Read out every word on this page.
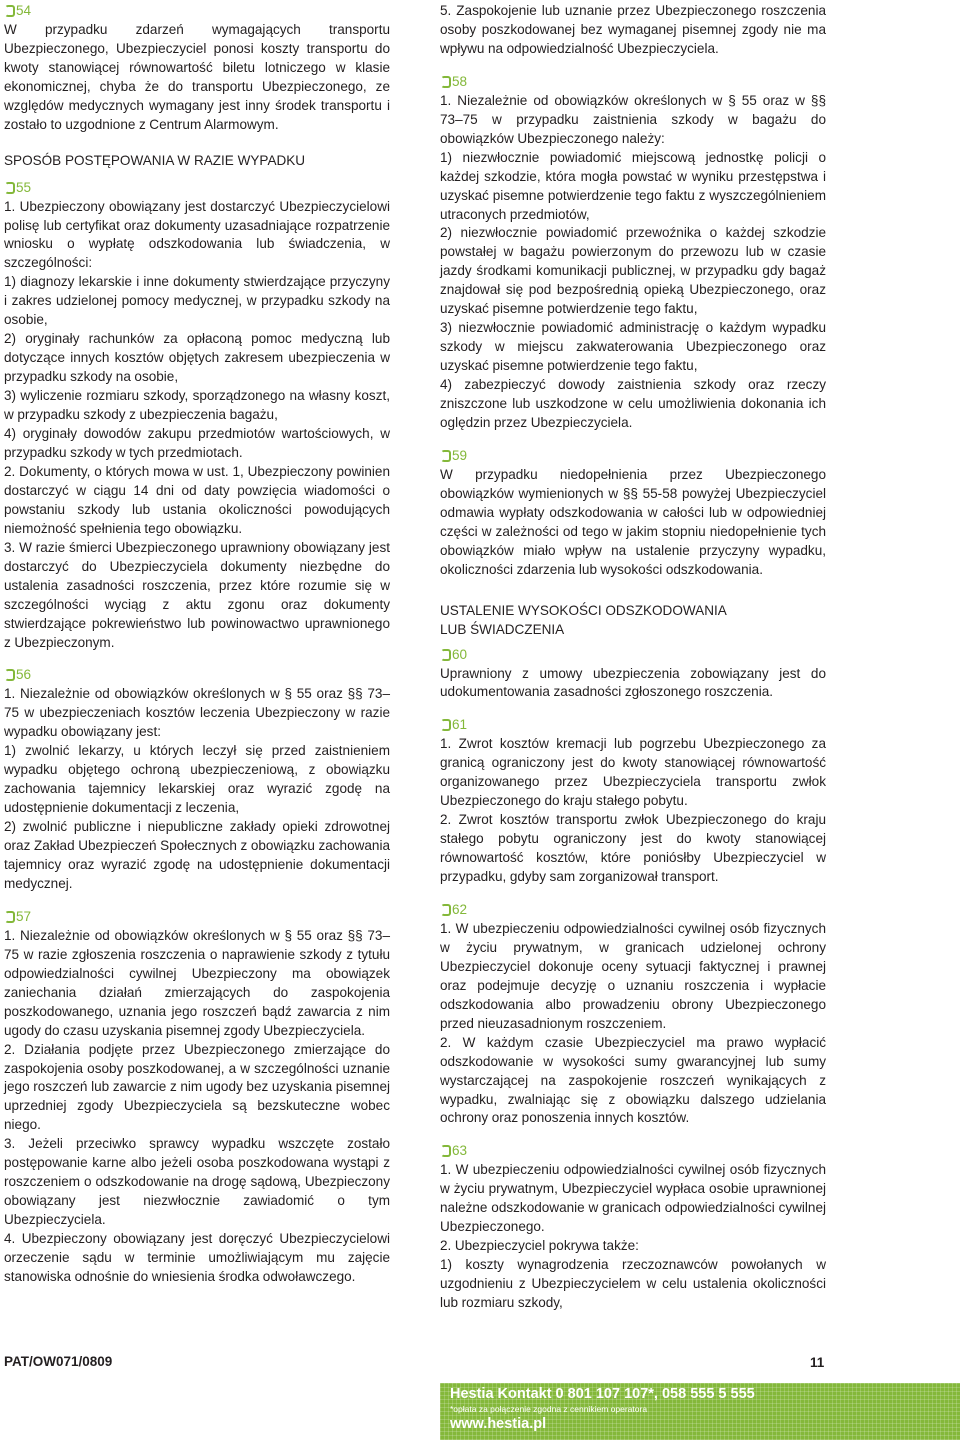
54

W przypadku zdarzeń wymagających transportu Ubezpieczonego, Ubezpieczyciel ponosi koszty transportu do kwoty stanowiącej równowartość biletu lotniczego w klasie ekonomicznej, chyba że do transportu Ubezpieczonego, ze względów medycznych wymagany jest inny środek transportu i zostało to uzgodnione z Centrum Alarmowym.

SPOSÓB POSTĘPOWANIA W RAZIE WYPADKU

55

1. Ubezpieczony obowiązany jest dostarczyć Ubezpieczycielowi polisę lub certyfikat oraz dokumenty uzasadniające rozpatrzenie wniosku o wypłatę odszkodowania lub świadczenia, w szczególności:

1) diagnozy lekarskie i inne dokumenty stwierdzające przyczyny i zakres udzielonej pomocy medycznej, w przypadku szkody na osobie,

2) oryginały rachunków za opłaconą pomoc medyczną lub dotyczące innych kosztów objętych zakresem ubezpieczenia w przypadku szkody na osobie,

3) wyliczenie rozmiaru szkody, sporządzonego na własny koszt, w przypadku szkody z ubezpieczenia bagażu,

4) oryginały dowodów zakupu przedmiotów wartościowych, w przypadku szkody w tych przedmiotach.

2. Dokumenty, o których mowa w ust. 1, Ubezpieczony powinien dostarczyć w ciągu 14 dni od daty powzięcia wiadomości o powstaniu szkody lub ustania okoliczności powodujących niemożność spełnienia tego obowiązku.

3. W razie śmierci Ubezpieczonego uprawniony obowiązany jest dostarczyć do Ubezpieczyciela dokumenty niezbędne do ustalenia zasadności roszczenia, przez które rozumie się w szczególności wyciąg z aktu zgonu oraz dokumenty stwierdzające pokrewieństwo lub powinowactwo uprawnionego z Ubezpieczonym.

56

1. Niezależnie od obowiązków określonych w § 55 oraz §§ 73–75 w ubezpieczeniach kosztów leczenia Ubezpieczony w razie wypadku obowiązany jest:

1) zwolnić lekarzy, u których leczył się przed zaistnieniem wypadku objętego ochroną ubezpieczeniową, z obowiązku zachowania tajemnicy lekarskiej oraz wyrazić zgodę na udostępnienie dokumentacji z leczenia,

2) zwolnić publiczne i niepubliczne zakłady opieki zdrowotnej oraz Zakład Ubezpieczeń Społecznych z obowiązku zachowania tajemnicy oraz wyrazić zgodę na udostępnienie dokumentacji medycznej.

57

1. Niezależnie od obowiązków określonych w § 55 oraz §§ 73–75 w razie zgłoszenia roszczenia o naprawienie szkody z tytułu odpowiedzialności cywilnej Ubezpieczony ma obowiązek zaniechania działań zmierzających do zaspokojenia poszkodowanego, uznania jego roszczeń bądź zawarcia z nim ugody do czasu uzyskania pisemnej zgody Ubezpieczyciela.

2. Działania podjęte przez Ubezpieczonego zmierzające do zaspokojenia osoby poszkodowanej, a w szczególności uznanie jego roszczeń lub zawarcie z nim ugody bez uzyskania pisemnej uprzedniej zgody Ubezpieczyciela są bezskuteczne wobec niego.

3. Jeżeli przeciwko sprawcy wypadku wszczęte zostało postępowanie karne albo jeżeli osoba poszkodowana wystąpi z roszczeniem o odszkodowanie na drogę sądową, Ubezpieczony obowiązany jest niezwłocznie zawiadomić o tym Ubezpieczyciela.

4. Ubezpieczony obowiązany jest doręczyć Ubezpieczycielowi orzeczenie sądu w terminie umożliwiającym mu zajęcie stanowiska odnośnie do wniesienia środka odwoławczego.

5. Zaspokojenie lub uznanie przez Ubezpieczonego roszczenia osoby poszkodowanej bez wymaganej pisemnej zgody nie ma wpływu na odpowiedzialność Ubezpieczyciela.

58

1. Niezależnie od obowiązków określonych w § 55 oraz w §§ 73–75 w przypadku zaistnienia szkody w bagażu do obowiązków Ubezpieczonego należy:

1) niezwłocznie powiadomić miejscową jednostkę policji o każdej szkodzie, która mogła powstać w wyniku przestępstwa i uzyskać pisemne potwierdzenie tego faktu z wyszczególnieniem utraconych przedmiotów,

2) niezwłocznie powiadomić przewoźnika o każdej szkodzie powstałej w bagażu powierzonym do przewozu lub w czasie jazdy środkami komunikacji publicznej, w przypadku gdy bagaż znajdował się pod bezpośrednią opieką Ubezpieczonego, oraz uzyskać pisemne potwierdzenie tego faktu,

3) niezwłocznie powiadomić administrację o każdym wypadku szkody w miejscu zakwaterowania Ubezpieczonego oraz uzyskać pisemne potwierdzenie tego faktu,

4) zabezpieczyć dowody zaistnienia szkody oraz rzeczy zniszczone lub uszkodzone w celu umożliwienia dokonania ich oględzin przez Ubezpieczyciela.

59

W przypadku niedopełnienia przez Ubezpieczonego obowiązków wymienionych w §§ 55-58 powyżej Ubezpieczyciel odmawia wypłaty odszkodowania w całości lub w odpowiedniej części w zależności od tego w jakim stopniu niedopełnienie tych obowiązków miało wpływ na ustalenie przyczyny wypadku, okoliczności zdarzenia lub wysokości odszkodowania.

USTALENIE WYSOKOŚCI ODSZKODOWANIA

LUB ŚWIADCZENIA

60

Uprawniony z umowy ubezpieczenia zobowiązany jest do udokumentowania zasadności zgłoszonego roszczenia.

61

1. Zwrot kosztów kremacji lub pogrzebu Ubezpieczonego za granicą ograniczony jest do kwoty stanowiącej równowartość organizowanego przez Ubezpieczyciela transportu zwłok Ubezpieczonego do kraju stałego pobytu.

2. Zwrot kosztów transportu zwłok Ubezpieczonego do kraju stałego pobytu ograniczony jest do kwoty stanowiącej równowartość kosztów, które poniósłby Ubezpieczyciel w przypadku, gdyby sam zorganizował transport.

62

1. W ubezpieczeniu odpowiedzialności cywilnej osób fizycznych w życiu prywatnym, w granicach udzielonej ochrony Ubezpieczyciel dokonuje oceny sytuacji faktycznej i prawnej oraz podejmuje decyzję o uznaniu roszczenia i wypłacie odszkodowania albo prowadzeniu obrony Ubezpieczonego przed nieuzasadnionym roszczeniem.

2. W każdym czasie Ubezpieczyciel ma prawo wypłacić odszkodowanie w wysokości sumy gwarancyjnej lub sumy wystarczającej na zaspokojenie roszczeń wynikających z wypadku, zwalniając się z obowiązku dalszego udzielania ochrony oraz ponoszenia innych kosztów.

63

1. W ubezpieczeniu odpowiedzialności cywilnej osób fizycznych w życiu prywatnym, Ubezpieczyciel wypłaca osobie uprawnionej należne odszkodowanie w granicach odpowiedzialności cywilnej Ubezpieczonego.

2. Ubezpieczyciel pokrywa także:

1) koszty wynagrodzenia rzeczoznawców powołanych w uzgodnieniu z Ubezpieczycielem w celu ustalenia okoliczności lub rozmiaru szkody,

PAT/OW071/0809	11
Hestia Kontakt 0 801 107 107*, 058 555 5 555
*opłata za połączenie zgodna z cennikiem operatora
www.hestia.pl
